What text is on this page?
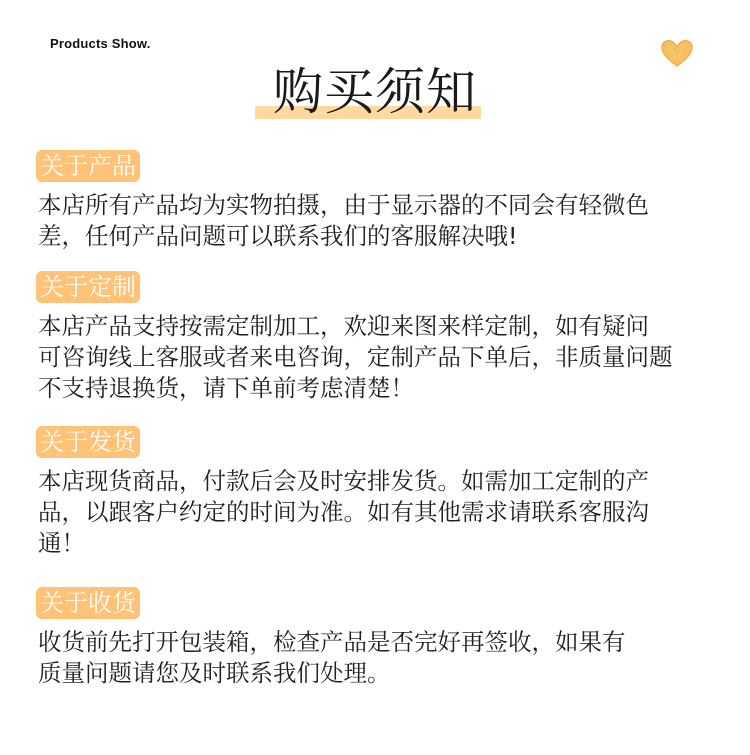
Products Show.
购买须知
关于产品
本店所有产品均为实物拍摄，由于显示器的不同会有轻微色
差，任何产品问题可以联系我们的客服解决哦!
关于定制
本店产品支持按需定制加工，欢迎来图来样定制，如有疑问
可咨询线上客服或者来电咨询，定制产品下单后，非质量问题
不支持退换货，请下单前考虑清楚！
关于发货
本店现货商品，付款后会及时安排发货。如需加工定制的产
品，以跟客户约定的时间为准。如有其他需求请联系客服沟
通！
关于收货
收货前先打开包装箱，检查产品是否完好再签收，如果有
质量问题请您及时联系我们处理。
